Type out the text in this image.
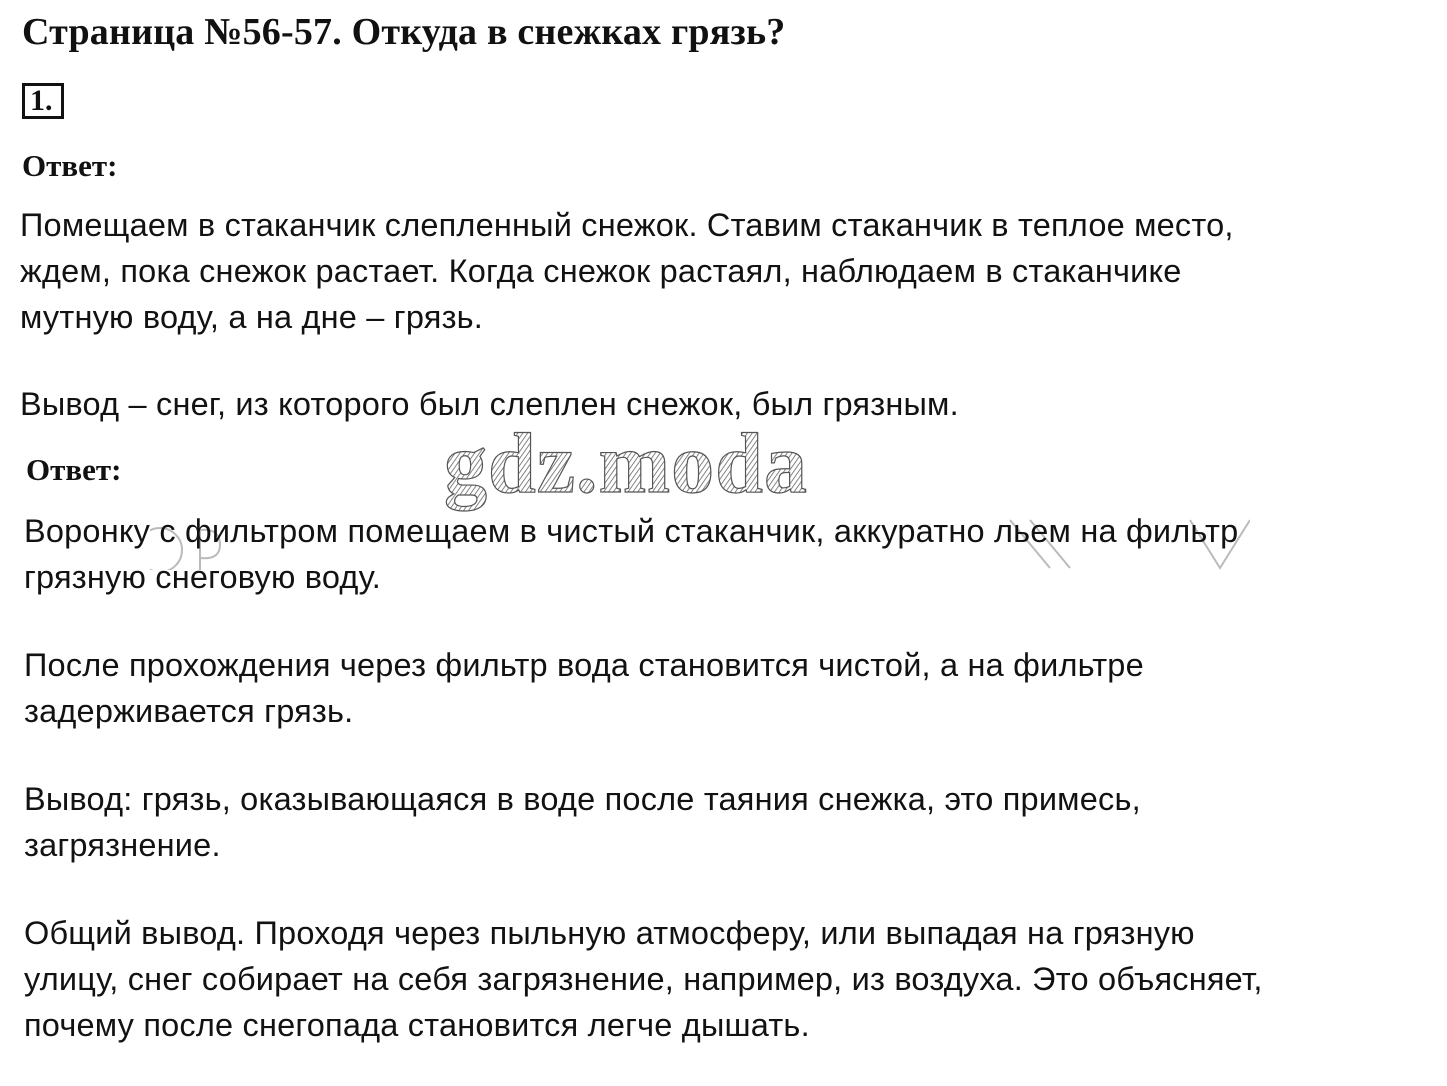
Страница №56-57. Откуда в снежках грязь?
1.
Ответ:
Помещаем в стаканчик слепленный снежок. Ставим стаканчик в теплое место,
ждем, пока снежок растает. Когда снежок растаял, наблюдаем в стаканчике
мутную воду, а на дне – грязь.
Вывод – снег, из которого был слеплен снежок, был грязным.
Ответ:	gdz.moda
Воронку с фильтром помещаем в чистый стаканчик, аккуратно льем на фильтр
грязную снеговую воду.
После прохождения через фильтр вода становится чистой, а на фильтре
задерживается грязь.
Вывод: грязь, оказывающаяся в воде после таяния снежка, это примесь,
загрязнение.
Общий вывод. Проходя через пыльную атмосферу, или выпадая на грязную
улицу, снег собирает на себя загрязнение, например, из воздуха. Это объясняет,
почему после снегопада становится легче дышать.
